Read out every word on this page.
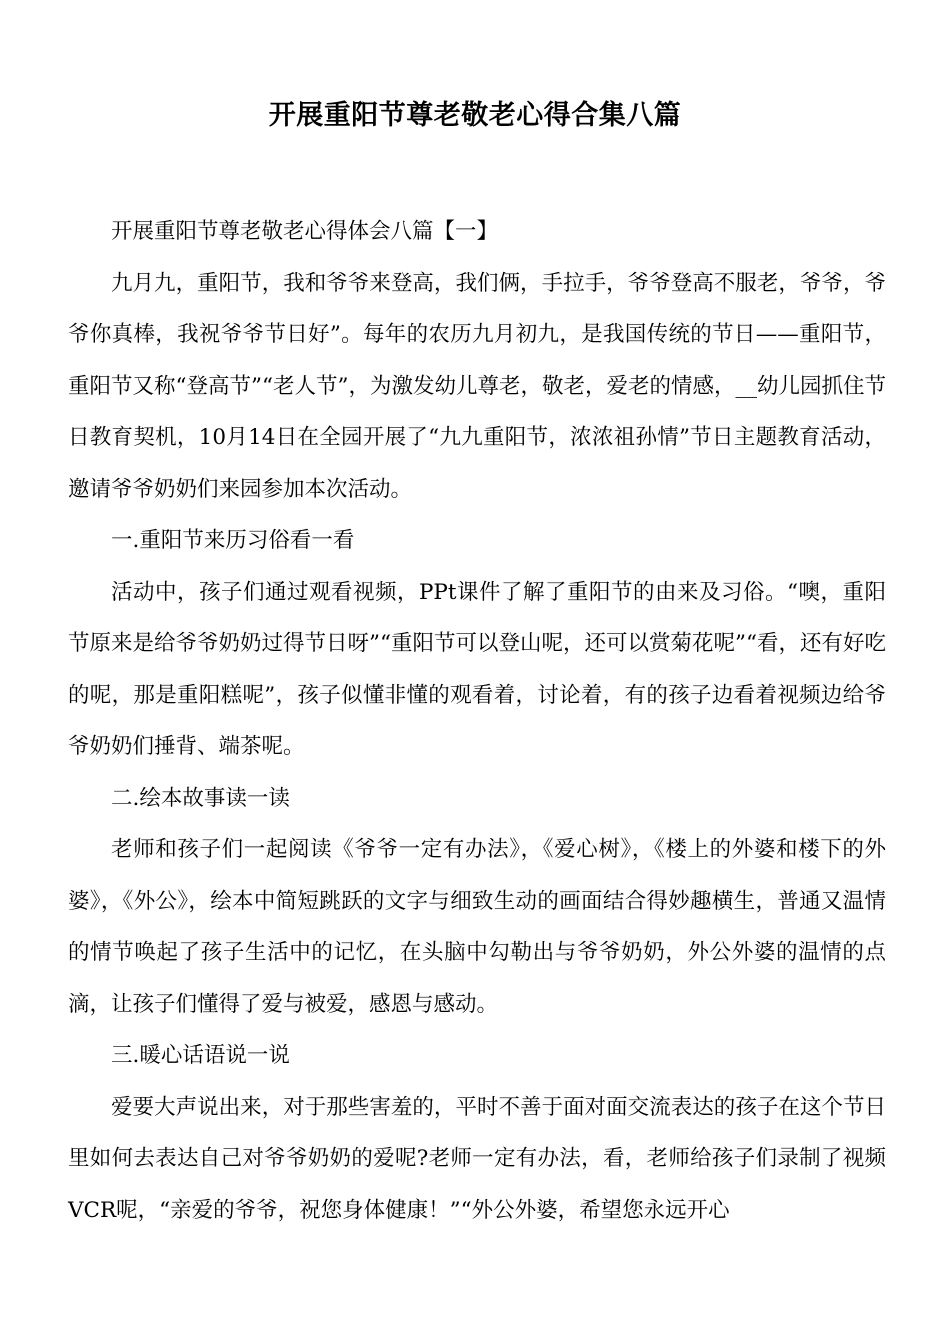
开展重阳节尊老敬老心得合集八篇

开展重阳节尊老敬老心得体会八篇【一】

九月九，重阳节，我和爷爷来登高，我们俩，手拉手，爷爷登高不服老，爷爷，爷爷你真棒，我祝爷爷节日好”。每年的农历九月初九，是我国传统的节日——重阳节，重阳节又称“登高节”“老人节”，为激发幼儿尊老，敬老，爱老的情感，__幼儿园抓住节日教育契机，10月14日在全园开展了“九九重阳节，浓浓祖孙情”节日主题教育活动，邀请爷爷奶奶们来园参加本次活动。

一.重阳节来历习俗看一看

活动中，孩子们通过观看视频，PPt课件了解了重阳节的由来及习俗。“噢，重阳节原来是给爷爷奶奶过得节日呀”“重阳节可以登山呢，还可以赏菊花呢”“看，还有好吃的呢，那是重阳糕呢”，孩子似懂非懂的观看着，讨论着，有的孩子边看着视频边给爷爷奶奶们捶背、端茶呢。

二.绘本故事读一读

老师和孩子们一起阅读《爷爷一定有办法》，《爱心树》，《楼上的外婆和楼下的外婆》，《外公》，绘本中简短跳跃的文字与细致生动的画面结合得妙趣横生，普通又温情的情节唤起了孩子生活中的记忆，在头脑中勾勒出与爷爷奶奶，外公外婆的温情的点滴，让孩子们懂得了爱与被爱，感恩与感动。

三.暖心话语说一说

爱要大声说出来，对于那些害羞的，平时不善于面对面交流表达的孩子在这个节日里如何去表达自己对爷爷奶奶的爱呢?老师一定有办法，看，老师给孩子们录制了视频VCR呢，“亲爱的爷爷，祝您身体健康！”“外公外婆，希望您永远开心
